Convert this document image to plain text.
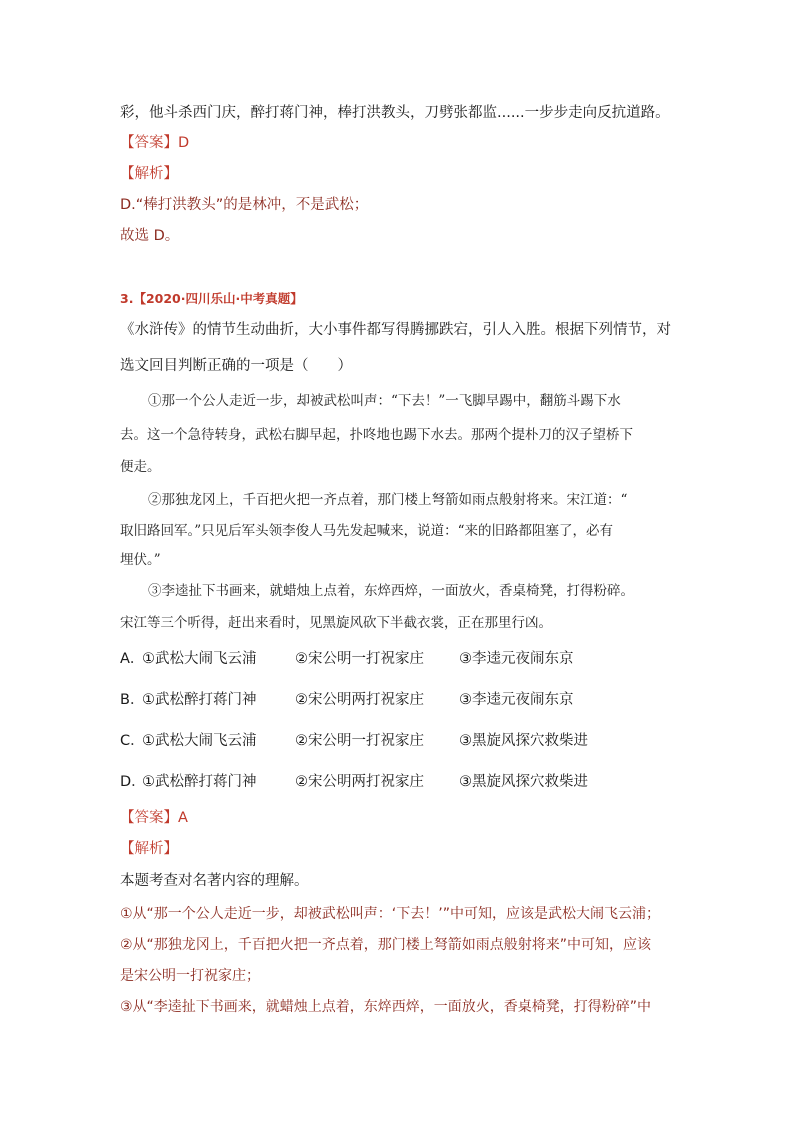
彩，他斗杀西门庆，醉打蒋门神，棒打洪教头，刀劈张都监......一步步走向反抗道路。
【答案】D
【解析】
D.“棒打洪教头”的是林冲，不是武松；
故选 D。
3.【2020·四川乐山·中考真题】
《水浒传》的情节生动曲折，大小事件都写得腾挪跌宕，引人入胜。根据下列情节，对
选文回目判断正确的一项是（　　）
①那一个公人走近一步，却被武松叫声：“下去！”一飞脚早踢中，翻筋斗踢下水
去。这一个急待转身，武松右脚早起，扑咚地也踢下水去。那两个提朴刀的汉子望桥下
便走。
②那独龙冈上，千百把火把一齐点着，那门楼上弩箭如雨点般射将来。宋江道：“
取旧路回军。”只见后军头领李俊人马先发起喊来，说道：“来的旧路都阻塞了，必有
埋伏。”
③李逵扯下书画来，就蜡烛上点着，东焠西焠，一面放火，香桌椅凳，打得粉碎。
宋江等三个听得，赶出来看时，见黑旋风砍下半截衣裳，正在那里行凶。
A．
①武松大闹飞云浦	②宋公明一打祝家庄 ③李逵元夜闹东京
B．
①武松醉打蒋门神	②宋公明两打祝家庄 ③李逵元夜闹东京
C．
①武松大闹飞云浦	②宋公明一打祝家庄 ③黑旋风探穴救柴进
D．
①武松醉打蒋门神	②宋公明两打祝家庄 ③黑旋风探穴救柴进
【答案】A
【解析】
本题考查对名著内容的理解。
①从“那一个公人走近一步，却被武松叫声：‘下去！’”中可知，应该是武松大闹飞云浦；
②从“那独龙冈上，千百把火把一齐点着，那门楼上弩箭如雨点般射将来”中可知，应该
是宋公明一打祝家庄；
③从“李逵扯下书画来，就蜡烛上点着，东焠西焠，一面放火，香桌椅凳，打得粉碎”中
